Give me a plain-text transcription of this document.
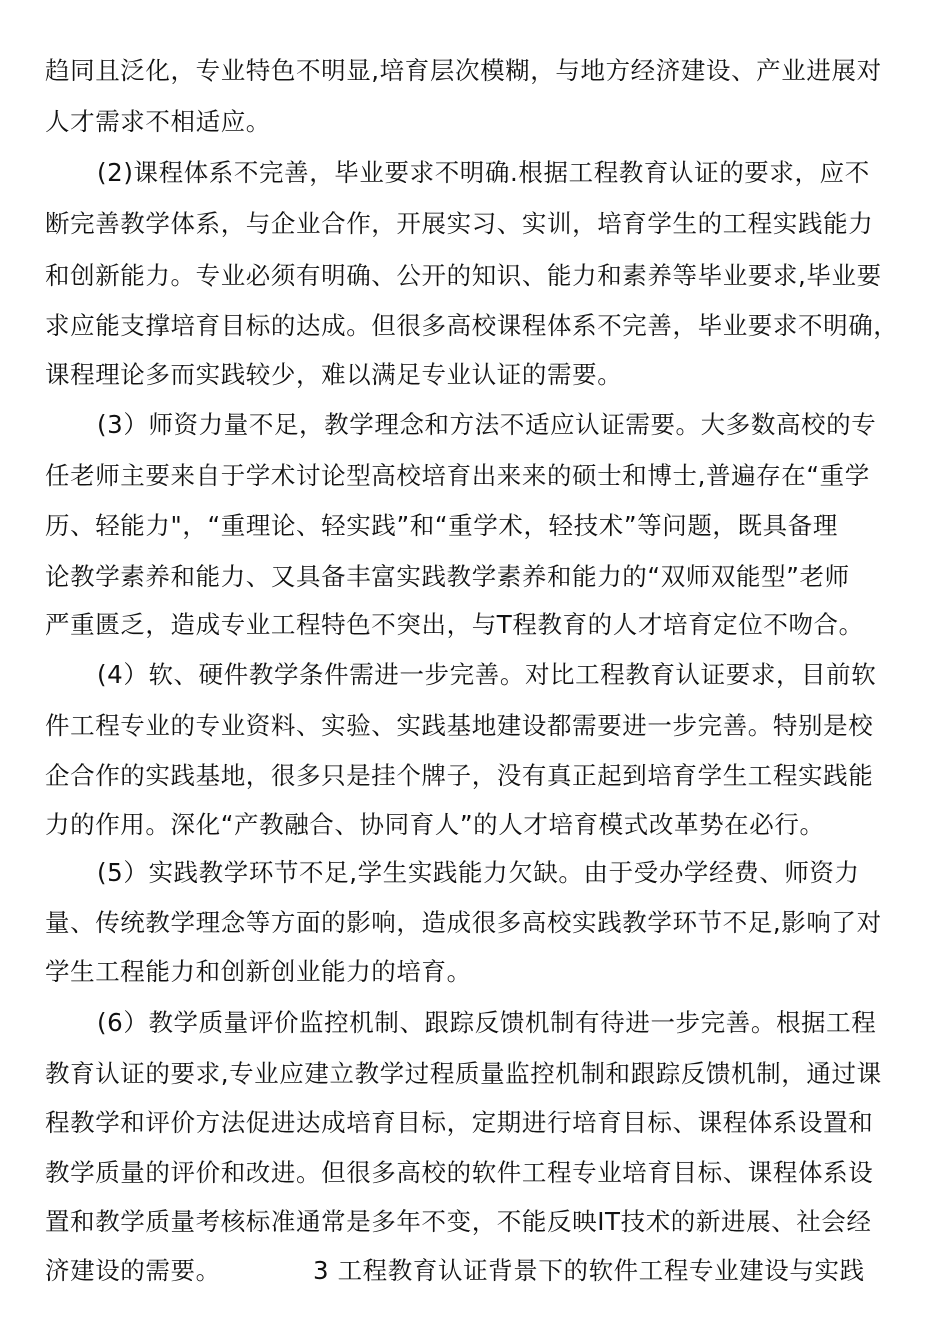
趋同且泛化，专业特色不明显,培育层次模糊，与地方经济建设、产业进展对
人才需求不相适应。
(2)课程体系不完善，毕业要求不明确.根据工程教育认证的要求，应不
断完善教学体系，与企业合作，开展实习、实训，培育学生的工程实践能力
和创新能力。专业必须有明确、公开的知识、能力和素养等毕业要求,毕业要
求应能支撑培育目标的达成。但很多高校课程体系不完善，毕业要求不明确，
课程理论多而实践较少，难以满足专业认证的需要。
(3）师资力量不足，教学理念和方法不适应认证需要。大多数高校的专
任老师主要来自于学术讨论型高校培育出来来的硕士和博士,普遍存在“重学
历、轻能力"，“重理论、轻实践”和“重学术，轻技术”等问题，既具备理
论教学素养和能力、又具备丰富实践教学素养和能力的“双师双能型”老师
严重匮乏，造成专业工程特色不突出，与T程教育的人才培育定位不吻合。
(4）软、硬件教学条件需进一步完善。对比工程教育认证要求，目前软
件工程专业的专业资料、实验、实践基地建设都需要进一步完善。特别是校
企合作的实践基地，很多只是挂个牌子，没有真正起到培育学生工程实践能
力的作用。深化“产教融合、协同育人”的人才培育模式改革势在必行。
(5）实践教学环节不足,学生实践能力欠缺。由于受办学经费、师资力
量、传统教学理念等方面的影响，造成很多高校实践教学环节不足,影响了对
学生工程能力和创新创业能力的培育。
(6）教学质量评价监控机制、跟踪反馈机制有待进一步完善。根据工程
教育认证的要求,专业应建立教学过程质量监控机制和跟踪反馈机制，通过课
程教学和评价方法促进达成培育目标，定期进行培育目标、课程体系设置和
教学质量的评价和改进。但很多高校的软件工程专业培育目标、课程体系设
置和教学质量考核标准通常是多年不变，不能反映IT技术的新进展、社会经
济建设的需要。	3 工程教育认证背景下的软件工程专业建设与实践
